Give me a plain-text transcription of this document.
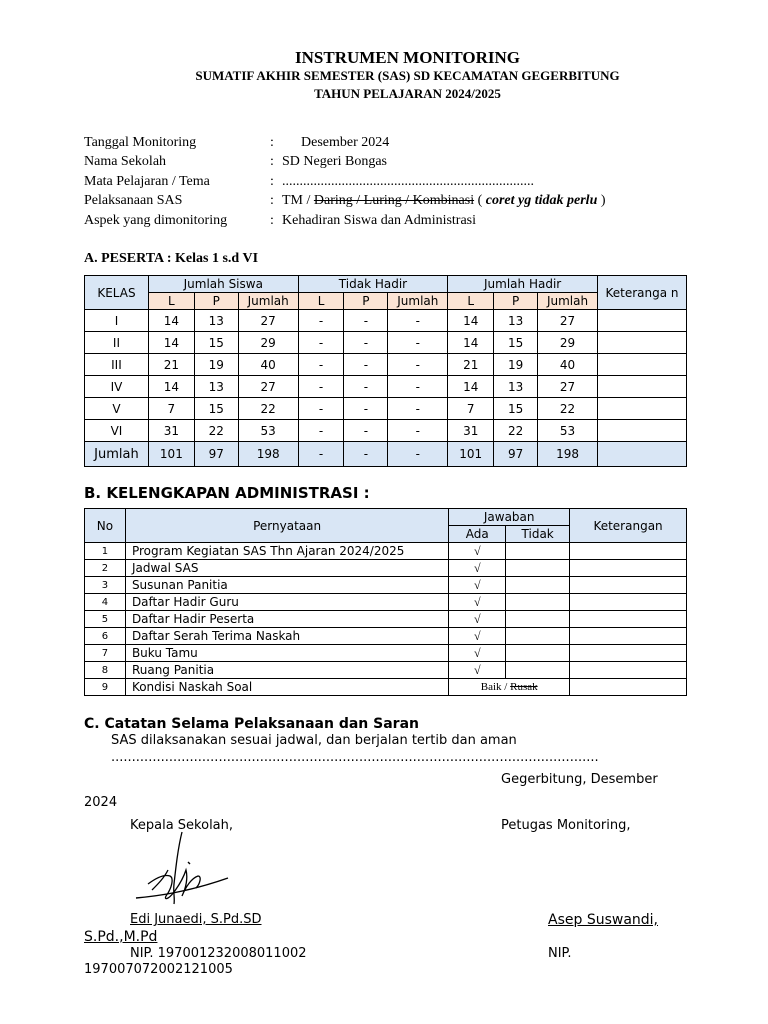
INSTRUMEN MONITORING
SUMATIF AKHIR SEMESTER (SAS) SD KECAMATAN GEGERBITUNG
TAHUN PELAJARAN 2024/2025
Tanggal Monitoring	: Desember 2024
Nama Sekolah	: SD Negeri Bongas
Mata Pelajaran / Tema	: ........................................................................
Pelaksanaan SAS	: TM / Daring / Luring / Kombinasi ( coret yg tidak perlu )
Aspek yang dimonitoring	: Kehadiran Siswa dan Administrasi
A. PESERTA : Kelas 1 s.d VI
KELAS	Jumlah Siswa			Tidak Hadir			Jumlah Hadir			Keteranga n
	L	P	Jumlah	L	P	Jumlah	L	P	Jumlah	
I	14	13	27	-	-	-	14	13	27	
II	14	15	29	-	-	-	14	15	29	
III	21	19	40	-	-	-	21	19	40	
IV	14	13	27	-	-	-	14	13	27	
V	7	15	22	-	-	-	7	15	22	
VI	31	22	53	-	-	-	31	22	53	
Jumlah	101	97	198	-	-	-	101	97	198	
B. KELENGKAPAN ADMINISTRASI :
No	Pernyataan	Jawaban		Keterangan
		Ada	Tidak	
1	Program Kegiatan SAS Thn Ajaran 2024/2025	√		
2	Jadwal SAS	√		
3	Susunan Panitia	√		
4	Daftar Hadir Guru	√		
5	Daftar Hadir Peserta	√		
6	Daftar Serah Terima Naskah	√		
7	Buku Tamu	√		
8	Ruang Panitia	√		
9	Kondisi Naskah Soal	Baik / Rusak		
C. Catatan Selama Pelaksanaan dan Saran
SAS dilaksanakan sesuai jadwal, dan berjalan tertib dan aman
......................................................................................................................
Gegerbitung, Desember
2024
Kepala Sekolah,	Petugas Monitoring,
Edi Junaedi, S.Pd.SD	Asep Suswandi,
S.Pd.,M.Pd
NIP. 197001232008011002	NIP.
197007072002121005
